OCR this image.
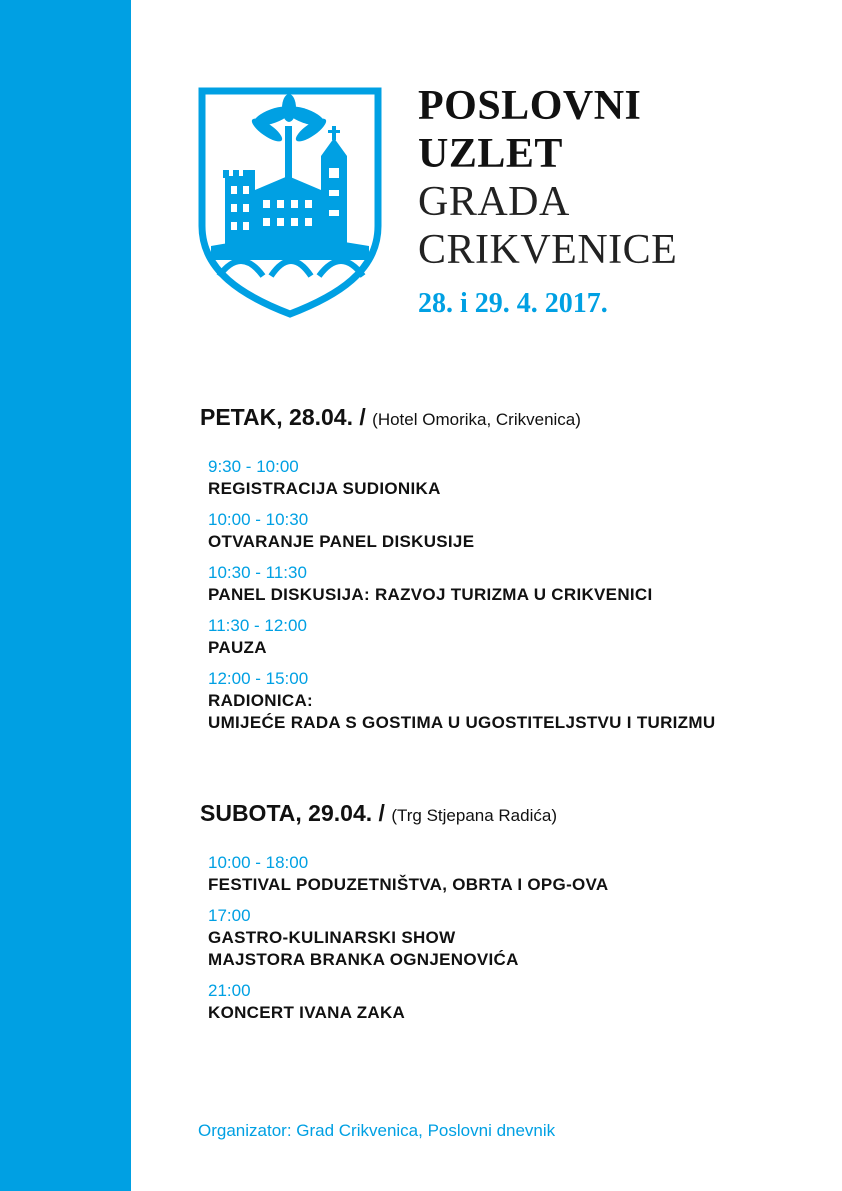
POSLOVNI
UZLET
GRADA
CRIKVENICE
28. i 29. 4. 2017.
PETAK, 28.04. / (Hotel Omorika, Crikvenica)
9:30 - 10:00
REGISTRACIJA SUDIONIKA
10:00 - 10:30
OTVARANJE PANEL DISKUSIJE
10:30 - 11:30
PANEL DISKUSIJA: RAZVOJ TURIZMA U CRIKVENICI
11:30 - 12:00
PAUZA
12:00 - 15:00
RADIONICA:
UMIJEĆE RADA S GOSTIMA U UGOSTITELJSTVU I TURIZMU
SUBOTA, 29.04. / (Trg Stjepana Radića)
10:00 - 18:00
FESTIVAL PODUZETNIŠTVA, OBRTA I OPG-OVA
17:00
GASTRO-KULINARSKI SHOW
MAJSTORA BRANKA OGNJENOVIĆA
21:00
KONCERT IVANA ZAKA
Organizator: Grad Crikvenica, Poslovni dnevnik
